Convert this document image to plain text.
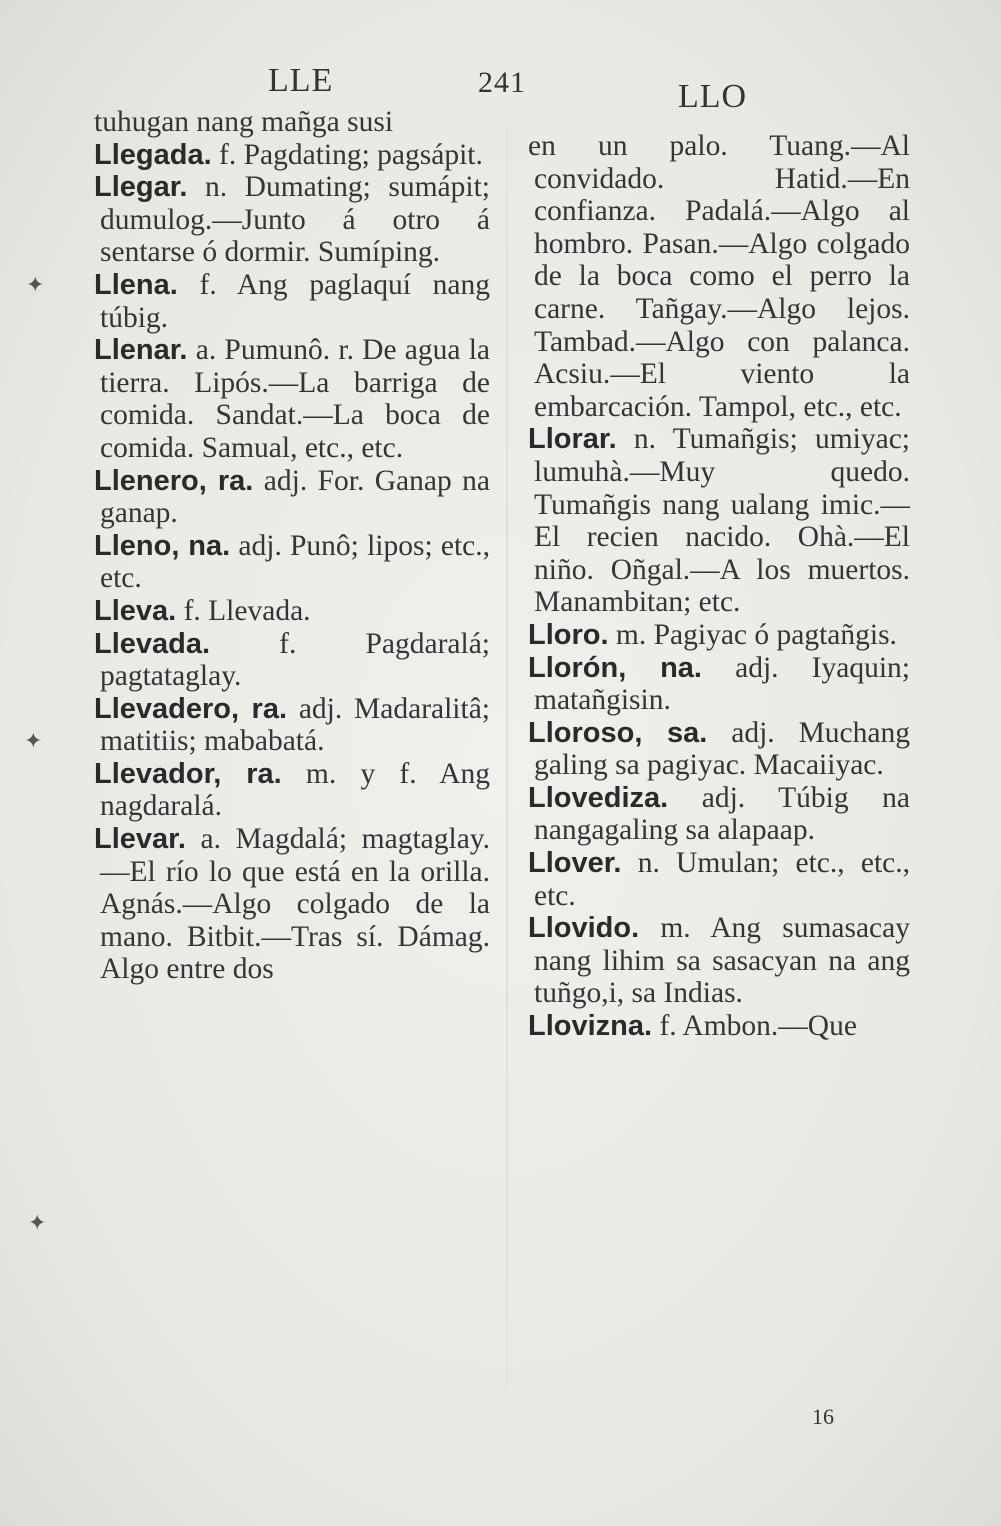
LLE	241	LLO
✦
✦
✦

tuhugan nang mañga susi

Llegada. f. Pagdating; pagsápit.

Llegar. n. Dumating; sumápit; dumulog.—Junto á otro á sentarse ó dormir. Sumíping.

Llena. f. Ang paglaquí nang túbig.

Llenar. a. Pumunô. r. De agua la tierra. Lipós.—La barriga de comida. Sandat.—La boca de comida. Samual, etc., etc.

Llenero, ra. adj. For. Ganap na ganap.

Lleno, na. adj. Punô; lipos; etc., etc.

Lleva. f. Llevada.

Llevada. f. Pagdaralá; pagtataglay.

Llevadero, ra. adj. Madaralitâ; matitiis; mababatá.

Llevador, ra. m. y f. Ang nagdaralá.

Llevar. a. Magdalá; magtaglay.—El río lo que está en la orilla. Agnás.—Algo colgado de la mano. Bitbit.—Tras sí. Dámag. Algo entre dos

en un palo. Tuang.—Al convidado. Hatid.—En confianza. Padalá.—Algo al hombro. Pasan.—Algo colgado de la boca como el perro la carne. Tañgay.—Algo lejos. Tambad.—Algo con palanca. Acsiu.—El viento la embarcación. Tampol, etc., etc.

Llorar. n. Tumañgis; umiyac; lumuhà.—Muy quedo. Tumañgis nang ualang imic.—El recien nacido. Ohà.—El niño. Oñgal.—A los muertos. Manambitan; etc.

Lloro. m. Pagiyac ó pagtañgis.

Llorón, na. adj. Iyaquin; matañgisin.

Lloroso, sa. adj. Muchang galing sa pagiyac. Macaiiyac.

Llovediza. adj. Túbig na nangagaling sa alapaap.

Llover. n. Umulan; etc., etc., etc.

Llovido. m. Ang sumasacay nang lihim sa sasacyan na ang tuñgo,i, sa Indias.

Llovizna. f. Ambon.—Que

16
